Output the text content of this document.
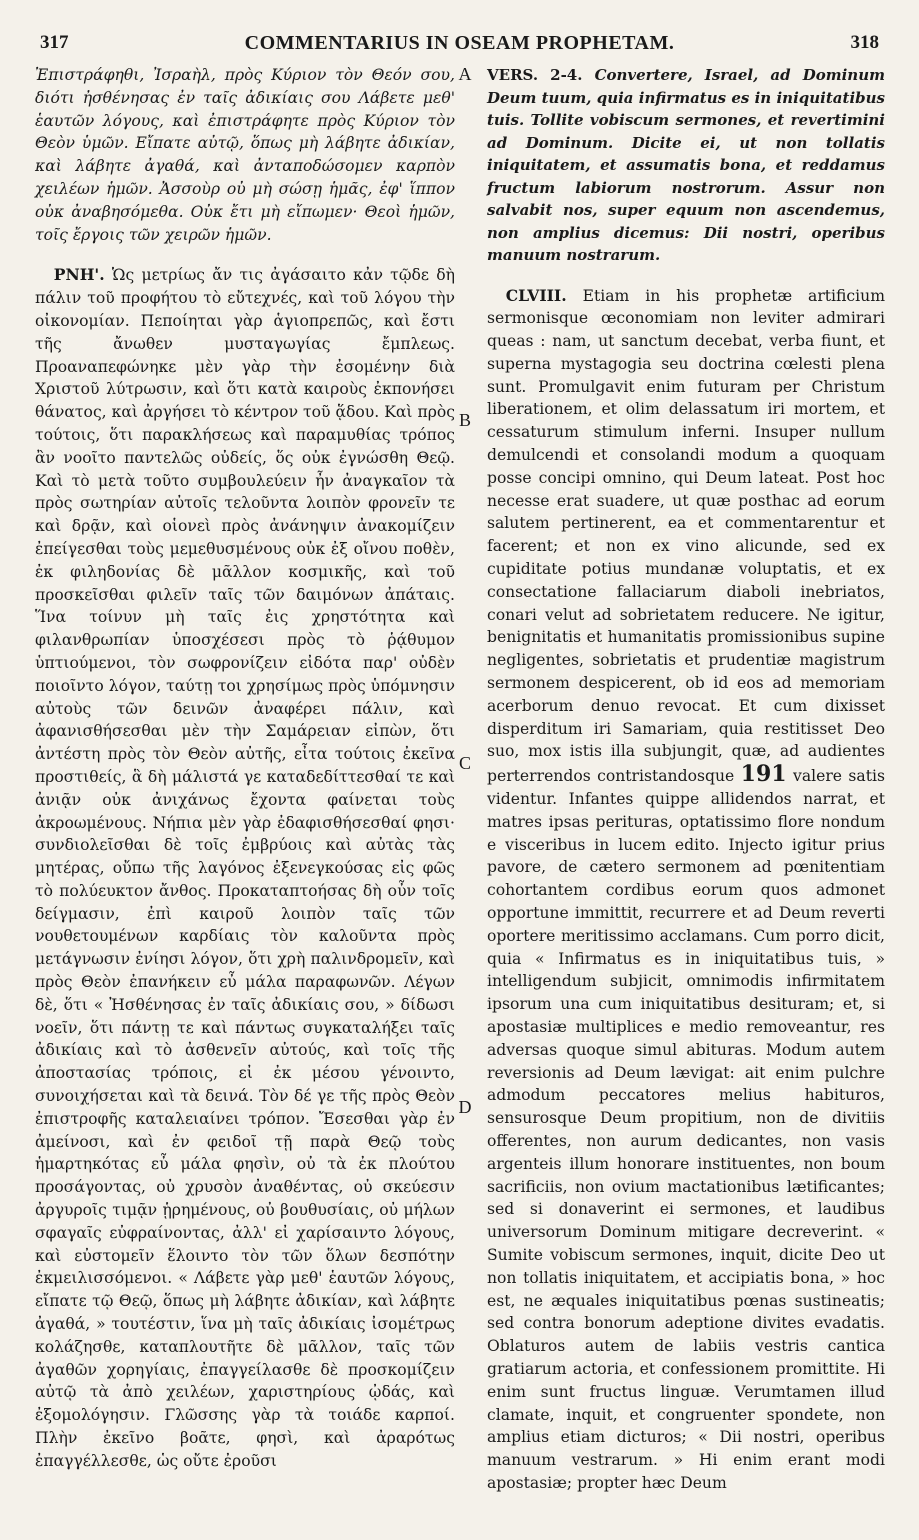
317	COMMENTARIUS IN OSEAM PROPHETAM.	318

Ἐπιστράφηθι, Ἰσραὴλ, πρὸς Κύριον τὸν Θεόν σου, διότι ἠσθένησας ἐν ταῖς ἀδικίαις σου Λάβετε μεθ' ἑαυτῶν λόγους, καὶ ἐπιστράφητε πρὸς Κύριον τὸν Θεὸν ὑμῶν. Εἴπατε αὐτῷ, ὅπως μὴ λάβητε ἀδικίαν, καὶ λάβητε ἀγαθά, καὶ ἀνταποδώσομεν καρπὸν χειλέων ἡμῶν. Ἀσσοὺρ οὐ μὴ σώσῃ ἡμᾶς, ἐφ' ἵππον οὐκ ἀναβησόμεθα. Οὐκ ἔτι μὴ εἴπωμεν· Θεοὶ ἡμῶν, τοῖς ἔργοις τῶν χειρῶν ἡμῶν.

ΡΝΗ'. Ὡς μετρίως ἄν τις ἀγάσαιτο κἀν τῷδε δὴ πάλιν τοῦ προφήτου τὸ εὔτεχνές, καὶ τοῦ λόγου τὴν οἰκονομίαν. Πεποίηται γὰρ ἁγιοπρεπῶς, καὶ ἔστι τῆς ἄνωθεν μυσταγωγίας ἔμπλεως. Προαναπεφώνηκε μὲν γὰρ τὴν ἐσομένην διὰ Χριστοῦ λύτρωσιν, καὶ ὅτι κατὰ καιροὺς ἐκπονήσει θάνατος, καὶ ἀργήσει τὸ κέντρον τοῦ ᾅδου. Καὶ πρὸς τούτοις, ὅτι παρακλήσεως καὶ παραμυθίας τρόπος ἂν νοοῖτο παντελῶς οὐδείς, ὅς οὐκ ἐγνώσθη Θεῷ. Καὶ τὸ μετὰ τοῦτο συμβουλεύειν ἦν ἀναγκαῖον τὰ πρὸς σωτηρίαν αὐτοῖς τελοῦντα λοιπὸν φρονεῖν τε καὶ δρᾷν, καὶ οἱονεὶ πρὸς ἀνάνηψιν ἀνακομίζειν ἐπείγεσθαι τοὺς μεμεθυσμένους οὐκ ἐξ οἴνου ποθὲν, ἐκ φιληδονίας δὲ μᾶλλον κοσμικῆς, καὶ τοῦ προσκεῖσθαι φιλεῖν ταῖς τῶν δαιμόνων ἀπάταις. Ἵνα τοίνυν μὴ ταῖς ἐις χρηστότητα καὶ φιλανθρωπίαν ὑποσχέσεσι πρὸς τὸ ῥᾴθυμον ὑπτιούμενοι, τὸν σωφρονίζειν εἰδότα παρ' οὐδὲν ποιοῖντο λόγον, ταύτῃ τοι χρησίμως πρὸς ὑπόμνησιν αὐτοὺς τῶν δεινῶν ἀναφέρει πάλιν, καὶ ἀφανισθήσεσθαι μὲν τὴν Σαμάρειαν εἰπὼν, ὅτι ἀντέστη πρὸς τὸν Θεὸν αὐτῆς, εἶτα τούτοις ἐκεῖνα προστιθείς, ἃ δὴ μάλιστά γε καταδεδίττεσθαί τε καὶ ἀνιᾷν οὐκ ἀνιχάνως ἔχοντα φαίνεται τοὺς ἀκροωμένους. Νήπια μὲν γὰρ ἐδαφισθήσεσθαί φησι· συνδιολεῖσθαι δὲ τοῖς ἐμβρύοις καὶ αὐτὰς τὰς μητέρας, οὔπω τῆς λαγόνος ἐξενεγκούσας εἰς φῶς τὸ πολύευκτον ἄνθος. Προκαταπτοήσας δὴ οὖν τοῖς δείγμασιν, ἐπὶ καιροῦ λοιπὸν ταῖς τῶν νουθετουμένων καρδίαις τὸν καλοῦντα πρὸς μετάγνωσιν ἐνίησι λόγον, ὅτι χρὴ παλινδρομεῖν, καὶ πρὸς Θεὸν ἐπανήκειν εὖ μάλα παραφωνῶν. Λέγων δὲ, ὅτι « Ἠσθένησας ἐν ταῖς ἀδικίαις σου, » δίδωσι νοεῖν, ὅτι πάντῃ τε καὶ πάντως συγκαταλήξει ταῖς ἀδικίαις καὶ τὸ ἀσθενεῖν αὐτούς, καὶ τοῖς τῆς ἀποστασίας τρόποις, εἰ ἐκ μέσου γένοιντο, συνοιχήσεται καὶ τὰ δεινά. Τὸν δέ γε τῆς πρὸς Θεὸν ἐπιστροφῆς καταλειαίνει τρόπον. Ἔσεσθαι γὰρ ἐν ἀμείνοσι, καὶ ἐν φειδοῖ τῇ παρὰ Θεῷ τοὺς ἡμαρτηκότας εὖ μάλα φησὶν, οὐ τὰ ἐκ πλούτου προσάγοντας, οὐ χρυσὸν ἀναθέντας, οὐ σκεύεσιν ἀργυροῖς τιμᾷν ᾑρημένους, οὐ βουθυσίαις, οὐ μήλων σφαγαῖς εὐφραίνοντας, ἀλλ' εἰ χαρίσαιντο λόγους, καὶ εὐστομεῖν ἕλοιντο τὸν τῶν ὅλων δεσπότην ἐκμειλισσόμενοι. « Λάβετε γὰρ μεθ' ἑαυτῶν λόγους, εἴπατε τῷ Θεῷ, ὅπως μὴ λάβητε ἀδικίαν, καὶ λάβητε ἀγαθά, » τουτέστιν, ἵνα μὴ ταῖς ἀδικίαις ἰσομέτρως κολάζησθε, καταπλουτῆτε δὲ μᾶλλον, ταῖς τῶν ἀγαθῶν χορηγίαις, ἐπαγγείλασθε δὲ προσκομίζειν αὐτῷ τὰ ἀπὸ χειλέων, χαριστηρίους ᾠδάς, καὶ ἐξομολόγησιν. Γλῶσσης γὰρ τὰ τοιάδε καρποί. Πλὴν ἐκεῖνο βοᾶτε, φησὶ, καὶ ἀραρότως ἐπαγγέλλεσθε, ὡς οὔτε ἐροῦσι

A
B
C
D

VERS. 2-4. Convertere, Israel, ad Dominum Deum tuum, quia infirmatus es in iniquitatibus tuis. Tollite vobiscum sermones, et revertimini ad Dominum. Dicite ei, ut non tollatis iniquitatem, et assumatis bona, et reddamus fructum labiorum nostrorum. Assur non salvabit nos, super equum non ascendemus, non amplius dicemus: Dii nostri, operibus manuum nostrarum.

CLVIII. Etiam in his prophetæ artificium sermonisque œconomiam non leviter admirari queas : nam, ut sanctum decebat, verba fiunt, et superna mystagogia seu doctrina cœlesti plena sunt. Promulgavit enim futuram per Christum liberationem, et olim delassatum iri mortem, et cessaturum stimulum inferni. Insuper nullum demulcendi et consolandi modum a quoquam posse concipi omnino, qui Deum lateat. Post hoc necesse erat suadere, ut quæ posthac ad eorum salutem pertinerent, ea et commentarentur et facerent; et non ex vino alicunde, sed ex cupiditate potius mundanæ voluptatis, et ex consectatione fallaciarum diaboli inebriatos, conari velut ad sobrietatem reducere. Ne igitur, benignitatis et humanitatis promissionibus supine negligentes, sobrietatis et prudentiæ magistrum sermonem despicerent, ob id eos ad memoriam acerborum denuo revocat. Et cum dixisset disperditum iri Samariam, quia restitisset Deo suo, mox istis illa subjungit, quæ, ad audientes perterrendos contristandosque 191 valere satis videntur. Infantes quippe allidendos narrat, et matres ipsas perituras, optatissimo flore nondum e visceribus in lucem edito. Injecto igitur prius pavore, de cætero sermonem ad pœnitentiam cohortantem cordibus eorum quos admonet opportune immittit, recurrere et ad Deum reverti oportere meritissimo acclamans. Cum porro dicit, quia « Infirmatus es in iniquitatibus tuis, » intelligendum subjicit, omnimodis infirmitatem ipsorum una cum iniquitatibus desituram; et, si apostasiæ multiplices e medio removeantur, res adversas quoque simul abituras. Modum autem reversionis ad Deum lævigat: ait enim pulchre admodum peccatores melius habituros, sensurosque Deum propitium, non de divitiis offerentes, non aurum dedicantes, non vasis argenteis illum honorare instituentes, non boum sacrificiis, non ovium mactationibus lætificantes; sed si donaverint ei sermones, et laudibus universorum Dominum mitigare decreverint. « Sumite vobiscum sermones, inquit, dicite Deo ut non tollatis iniquitatem, et accipiatis bona, » hoc est, ne æquales iniquitatibus pœnas sustineatis; sed contra bonorum adeptione divites evadatis. Oblaturos autem de labiis vestris cantica gratiarum actoria, et confessionem promittite. Hi enim sunt fructus linguæ. Verumtamen illud clamate, inquit, et congruenter spondete, non amplius etiam dicturos; « Dii nostri, operibus manuum vestrarum. » Hi enim erant modi apostasiæ; propter hæc Deum
